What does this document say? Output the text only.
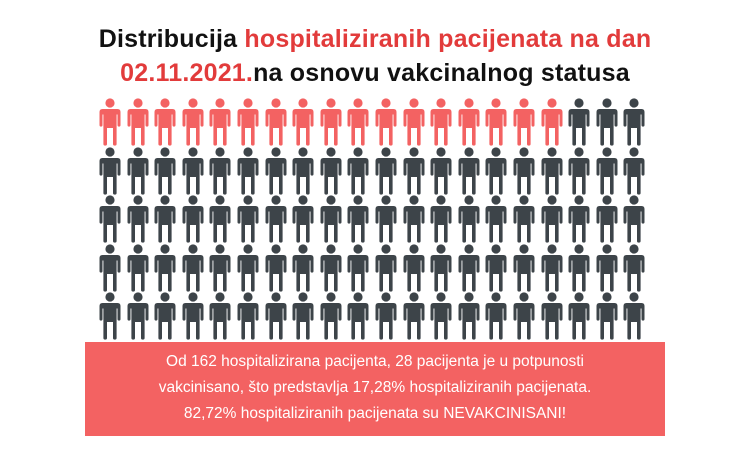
Distribucija hospitaliziranih pacijenata na dan
02.11.2021.na osnovu vakcinalnog statusa
Od 162 hospitalizirana pacijenta, 28 pacijenta je u potpunosti
vakcinisano, što predstavlja 17,28% hospitaliziranih pacijenata.
82,72% hospitaliziranih pacijenata su NEVAKCINISANI!
